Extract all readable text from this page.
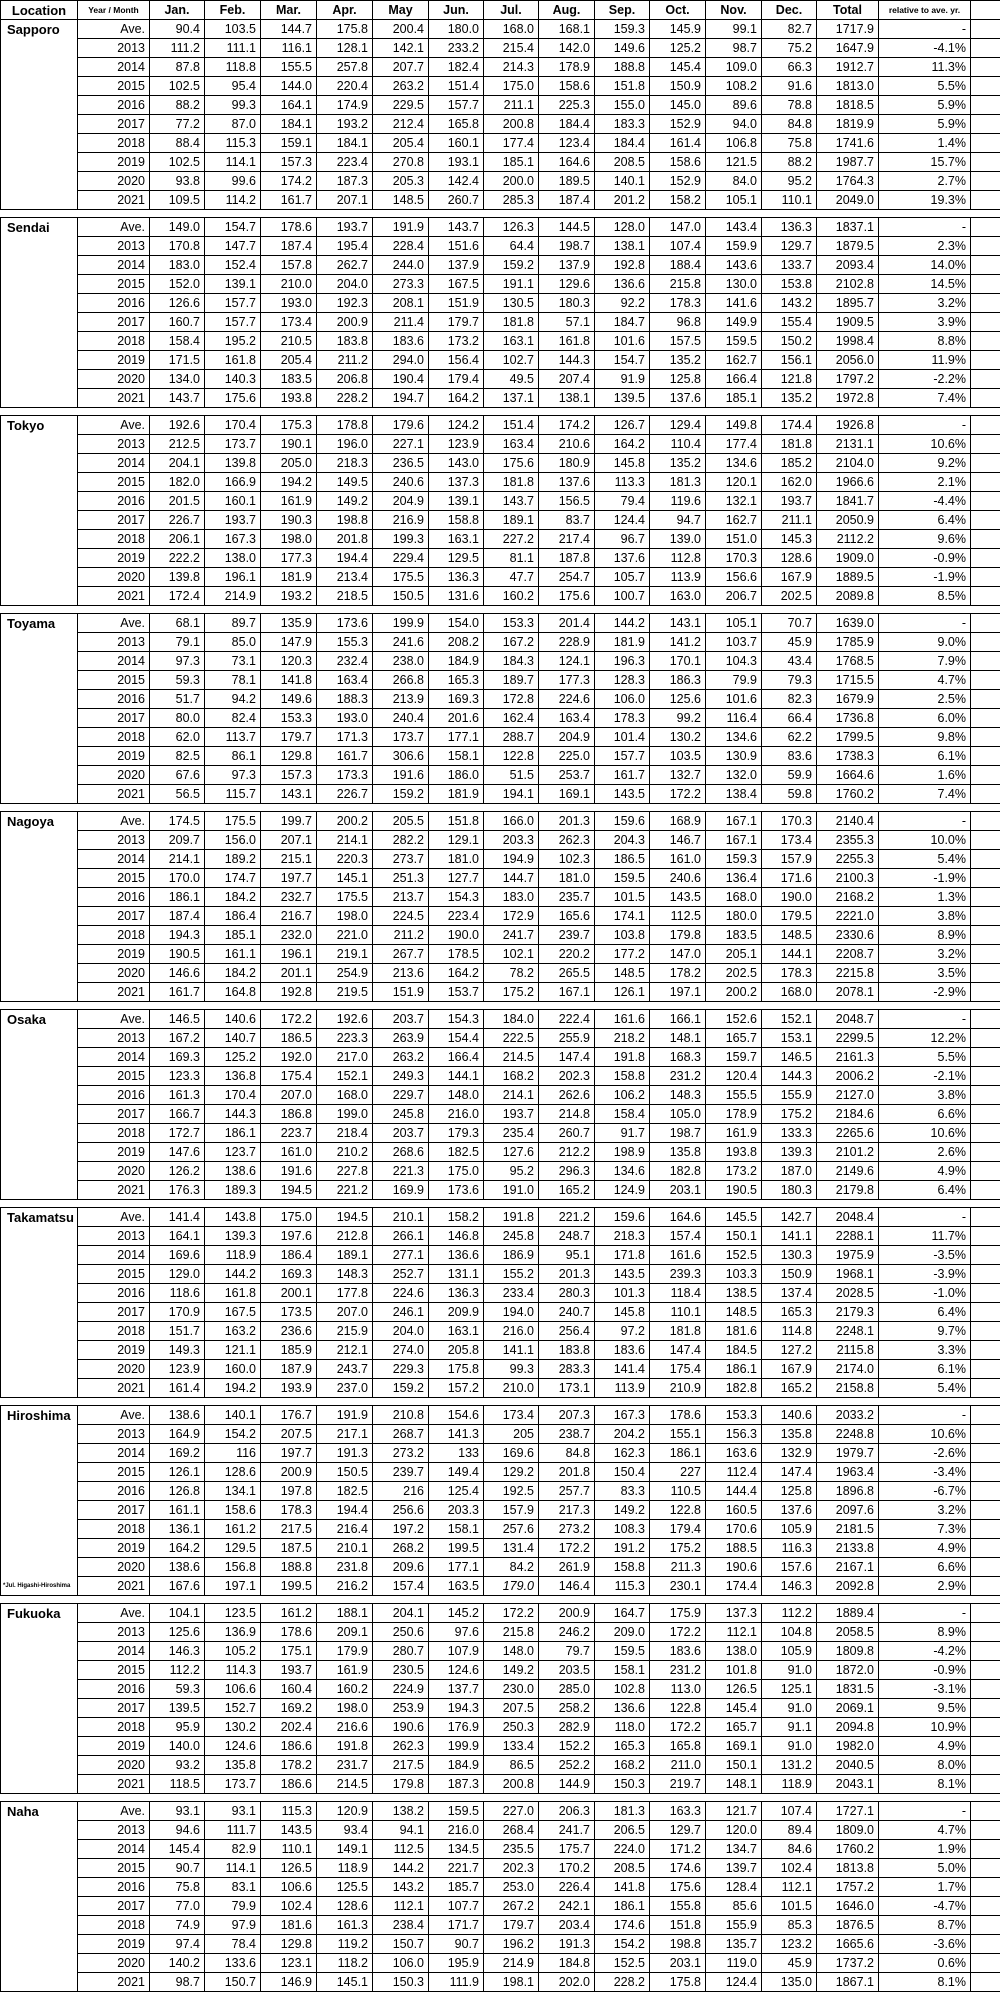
Location	Year / Month	Jan.	Feb.	Mar.	Apr.	May	Jun.	Jul.	Aug.	Sep.	Oct.	Nov.	Dec.	Total	relative to ave. yr.	
Sapporo	Ave.	90.4	103.5	144.7	175.8	200.4	180.0	168.0	168.1	159.3	145.9	99.1	82.7	1717.9	-	
	2013	111.2	111.1	116.1	128.1	142.1	233.2	215.4	142.0	149.6	125.2	98.7	75.2	1647.9	-4.1%	
	2014	87.8	118.8	155.5	257.8	207.7	182.4	214.3	178.9	188.8	145.4	109.0	66.3	1912.7	11.3%	
	2015	102.5	95.4	144.0	220.4	263.2	151.4	175.0	158.6	151.8	150.9	108.2	91.6	1813.0	5.5%	
	2016	88.2	99.3	164.1	174.9	229.5	157.7	211.1	225.3	155.0	145.0	89.6	78.8	1818.5	5.9%	
	2017	77.2	87.0	184.1	193.2	212.4	165.8	200.8	184.4	183.3	152.9	94.0	84.8	1819.9	5.9%	
	2018	88.4	115.3	159.1	184.1	205.4	160.1	177.4	123.4	184.4	161.4	106.8	75.8	1741.6	1.4%	
	2019	102.5	114.1	157.3	223.4	270.8	193.1	185.1	164.6	208.5	158.6	121.5	88.2	1987.7	15.7%	
	2020	93.8	99.6	174.2	187.3	205.3	142.4	200.0	189.5	140.1	152.9	84.0	95.2	1764.3	2.7%	
	2021	109.5	114.2	161.7	207.1	148.5	260.7	285.3	187.4	201.2	158.2	105.1	110.1	2049.0	19.3%	

Sendai	Ave.	149.0	154.7	178.6	193.7	191.9	143.7	126.3	144.5	128.0	147.0	143.4	136.3	1837.1	-	
	2013	170.8	147.7	187.4	195.4	228.4	151.6	64.4	198.7	138.1	107.4	159.9	129.7	1879.5	2.3%	
	2014	183.0	152.4	157.8	262.7	244.0	137.9	159.2	137.9	192.8	188.4	143.6	133.7	2093.4	14.0%	
	2015	152.0	139.1	210.0	204.0	273.3	167.5	191.1	129.6	136.6	215.8	130.0	153.8	2102.8	14.5%	
	2016	126.6	157.7	193.0	192.3	208.1	151.9	130.5	180.3	92.2	178.3	141.6	143.2	1895.7	3.2%	
	2017	160.7	157.7	173.4	200.9	211.4	179.7	181.8	57.1	184.7	96.8	149.9	155.4	1909.5	3.9%	
	2018	158.4	195.2	210.5	183.8	183.6	173.2	163.1	161.8	101.6	157.5	159.5	150.2	1998.4	8.8%	
	2019	171.5	161.8	205.4	211.2	294.0	156.4	102.7	144.3	154.7	135.2	162.7	156.1	2056.0	11.9%	
	2020	134.0	140.3	183.5	206.8	190.4	179.4	49.5	207.4	91.9	125.8	166.4	121.8	1797.2	-2.2%	
	2021	143.7	175.6	193.8	228.2	194.7	164.2	137.1	138.1	139.5	137.6	185.1	135.2	1972.8	7.4%	

Tokyo	Ave.	192.6	170.4	175.3	178.8	179.6	124.2	151.4	174.2	126.7	129.4	149.8	174.4	1926.8	-	
	2013	212.5	173.7	190.1	196.0	227.1	123.9	163.4	210.6	164.2	110.4	177.4	181.8	2131.1	10.6%	
	2014	204.1	139.8	205.0	218.3	236.5	143.0	175.6	180.9	145.8	135.2	134.6	185.2	2104.0	9.2%	
	2015	182.0	166.9	194.2	149.5	240.6	137.3	181.8	137.6	113.3	181.3	120.1	162.0	1966.6	2.1%	
	2016	201.5	160.1	161.9	149.2	204.9	139.1	143.7	156.5	79.4	119.6	132.1	193.7	1841.7	-4.4%	
	2017	226.7	193.7	190.3	198.8	216.9	158.8	189.1	83.7	124.4	94.7	162.7	211.1	2050.9	6.4%	
	2018	206.1	167.3	198.0	201.8	199.3	163.1	227.2	217.4	96.7	139.0	151.0	145.3	2112.2	9.6%	
	2019	222.2	138.0	177.3	194.4	229.4	129.5	81.1	187.8	137.6	112.8	170.3	128.6	1909.0	-0.9%	
	2020	139.8	196.1	181.9	213.4	175.5	136.3	47.7	254.7	105.7	113.9	156.6	167.9	1889.5	-1.9%	
	2021	172.4	214.9	193.2	218.5	150.5	131.6	160.2	175.6	100.7	163.0	206.7	202.5	2089.8	8.5%	

Toyama	Ave.	68.1	89.7	135.9	173.6	199.9	154.0	153.3	201.4	144.2	143.1	105.1	70.7	1639.0	-	
	2013	79.1	85.0	147.9	155.3	241.6	208.2	167.2	228.9	181.9	141.2	103.7	45.9	1785.9	9.0%	
	2014	97.3	73.1	120.3	232.4	238.0	184.9	184.3	124.1	196.3	170.1	104.3	43.4	1768.5	7.9%	
	2015	59.3	78.1	141.8	163.4	266.8	165.3	189.7	177.3	128.3	186.3	79.9	79.3	1715.5	4.7%	
	2016	51.7	94.2	149.6	188.3	213.9	169.3	172.8	224.6	106.0	125.6	101.6	82.3	1679.9	2.5%	
	2017	80.0	82.4	153.3	193.0	240.4	201.6	162.4	163.4	178.3	99.2	116.4	66.4	1736.8	6.0%	
	2018	62.0	113.7	179.7	171.3	173.7	177.1	288.7	204.9	101.4	130.2	134.6	62.2	1799.5	9.8%	
	2019	82.5	86.1	129.8	161.7	306.6	158.1	122.8	225.0	157.7	103.5	130.9	83.6	1738.3	6.1%	
	2020	67.6	97.3	157.3	173.3	191.6	186.0	51.5	253.7	161.7	132.7	132.0	59.9	1664.6	1.6%	
	2021	56.5	115.7	143.1	226.7	159.2	181.9	194.1	169.1	143.5	172.2	138.4	59.8	1760.2	7.4%	

Nagoya	Ave.	174.5	175.5	199.7	200.2	205.5	151.8	166.0	201.3	159.6	168.9	167.1	170.3	2140.4	-	
	2013	209.7	156.0	207.1	214.1	282.2	129.1	203.3	262.3	204.3	146.7	167.1	173.4	2355.3	10.0%	
	2014	214.1	189.2	215.1	220.3	273.7	181.0	194.9	102.3	186.5	161.0	159.3	157.9	2255.3	5.4%	
	2015	170.0	174.7	197.7	145.1	251.3	127.7	144.7	181.0	159.5	240.6	136.4	171.6	2100.3	-1.9%	
	2016	186.1	184.2	232.7	175.5	213.7	154.3	183.0	235.7	101.5	143.5	168.0	190.0	2168.2	1.3%	
	2017	187.4	186.4	216.7	198.0	224.5	223.4	172.9	165.6	174.1	112.5	180.0	179.5	2221.0	3.8%	
	2018	194.3	185.1	232.0	221.0	211.2	190.0	241.7	239.7	103.8	179.8	183.5	148.5	2330.6	8.9%	
	2019	190.5	161.1	196.1	219.1	267.7	178.5	102.1	220.2	177.2	147.0	205.1	144.1	2208.7	3.2%	
	2020	146.6	184.2	201.1	254.9	213.6	164.2	78.2	265.5	148.5	178.2	202.5	178.3	2215.8	3.5%	
	2021	161.7	164.8	192.8	219.5	151.9	153.7	175.2	167.1	126.1	197.1	200.2	168.0	2078.1	-2.9%	

Osaka	Ave.	146.5	140.6	172.2	192.6	203.7	154.3	184.0	222.4	161.6	166.1	152.6	152.1	2048.7	-	
	2013	167.2	140.7	186.5	223.3	263.9	154.4	222.5	255.9	218.2	148.1	165.7	153.1	2299.5	12.2%	
	2014	169.3	125.2	192.0	217.0	263.2	166.4	214.5	147.4	191.8	168.3	159.7	146.5	2161.3	5.5%	
	2015	123.3	136.8	175.4	152.1	249.3	144.1	168.2	202.3	158.8	231.2	120.4	144.3	2006.2	-2.1%	
	2016	161.3	170.4	207.0	168.0	229.7	148.0	214.1	262.6	106.2	148.3	155.5	155.9	2127.0	3.8%	
	2017	166.7	144.3	186.8	199.0	245.8	216.0	193.7	214.8	158.4	105.0	178.9	175.2	2184.6	6.6%	
	2018	172.7	186.1	223.7	218.4	203.7	179.3	235.4	260.7	91.7	198.7	161.9	133.3	2265.6	10.6%	
	2019	147.6	123.7	161.0	210.2	268.6	182.5	127.6	212.2	198.9	135.8	193.8	139.3	2101.2	2.6%	
	2020	126.2	138.6	191.6	227.8	221.3	175.0	95.2	296.3	134.6	182.8	173.2	187.0	2149.6	4.9%	
	2021	176.3	189.3	194.5	221.2	169.9	173.6	191.0	165.2	124.9	203.1	190.5	180.3	2179.8	6.4%	

Takamatsu	Ave.	141.4	143.8	175.0	194.5	210.1	158.2	191.8	221.2	159.6	164.6	145.5	142.7	2048.4	-	
	2013	164.1	139.3	197.6	212.8	266.1	146.8	245.8	248.7	218.3	157.4	150.1	141.1	2288.1	11.7%	
	2014	169.6	118.9	186.4	189.1	277.1	136.6	186.9	95.1	171.8	161.6	152.5	130.3	1975.9	-3.5%	
	2015	129.0	144.2	169.3	148.3	252.7	131.1	155.2	201.3	143.5	239.3	103.3	150.9	1968.1	-3.9%	
	2016	118.6	161.8	200.1	177.8	224.6	136.3	233.4	280.3	101.3	118.4	138.5	137.4	2028.5	-1.0%	
	2017	170.9	167.5	173.5	207.0	246.1	209.9	194.0	240.7	145.8	110.1	148.5	165.3	2179.3	6.4%	
	2018	151.7	163.2	236.6	215.9	204.0	163.1	216.0	256.4	97.2	181.8	181.6	114.8	2248.1	9.7%	
	2019	149.3	121.1	185.9	212.1	274.0	205.8	141.1	183.8	183.6	147.4	184.5	127.2	2115.8	3.3%	
	2020	123.9	160.0	187.9	243.7	229.3	175.8	99.3	283.3	141.4	175.4	186.1	167.9	2174.0	6.1%	
	2021	161.4	194.2	193.9	237.0	159.2	157.2	210.0	173.1	113.9	210.9	182.8	165.2	2158.8	5.4%	

Hiroshima	Ave.	138.6	140.1	176.7	191.9	210.8	154.6	173.4	207.3	167.3	178.6	153.3	140.6	2033.2	-	
	2013	164.9	154.2	207.5	217.1	268.7	141.3	205	238.7	204.2	155.1	156.3	135.8	2248.8	10.6%	
	2014	169.2	116	197.7	191.3	273.2	133	169.6	84.8	162.3	186.1	163.6	132.9	1979.7	-2.6%	
	2015	126.1	128.6	200.9	150.5	239.7	149.4	129.2	201.8	150.4	227	112.4	147.4	1963.4	-3.4%	
	2016	126.8	134.1	197.8	182.5	216	125.4	192.5	257.7	83.3	110.5	144.4	125.8	1896.8	-6.7%	
	2017	161.1	158.6	178.3	194.4	256.6	203.3	157.9	217.3	149.2	122.8	160.5	137.6	2097.6	3.2%	
	2018	136.1	161.2	217.5	216.4	197.2	158.1	257.6	273.2	108.3	179.4	170.6	105.9	2181.5	7.3%	
	2019	164.2	129.5	187.5	210.1	268.2	199.5	131.4	172.2	191.2	175.2	188.5	116.3	2133.8	4.9%	
	2020	138.6	156.8	188.8	231.8	209.6	177.1	84.2	261.9	158.8	211.3	190.6	157.6	2167.1	6.6%	
*Jul. Higashi-Hiroshima	2021	167.6	197.1	199.5	216.2	157.4	163.5	179.0	146.4	115.3	230.1	174.4	146.3	2092.8	2.9%	

Fukuoka	Ave.	104.1	123.5	161.2	188.1	204.1	145.2	172.2	200.9	164.7	175.9	137.3	112.2	1889.4	-	
	2013	125.6	136.9	178.6	209.1	250.6	97.6	215.8	246.2	209.0	172.2	112.1	104.8	2058.5	8.9%	
	2014	146.3	105.2	175.1	179.9	280.7	107.9	148.0	79.7	159.5	183.6	138.0	105.9	1809.8	-4.2%	
	2015	112.2	114.3	193.7	161.9	230.5	124.6	149.2	203.5	158.1	231.2	101.8	91.0	1872.0	-0.9%	
	2016	59.3	106.6	160.4	160.2	224.9	137.7	230.0	285.0	102.8	113.0	126.5	125.1	1831.5	-3.1%	
	2017	139.5	152.7	169.2	198.0	253.9	194.3	207.5	258.2	136.6	122.8	145.4	91.0	2069.1	9.5%	
	2018	95.9	130.2	202.4	216.6	190.6	176.9	250.3	282.9	118.0	172.2	165.7	91.1	2094.8	10.9%	
	2019	140.0	124.6	186.6	191.8	262.3	199.9	133.4	152.2	165.3	165.8	169.1	91.0	1982.0	4.9%	
	2020	93.2	135.8	178.2	231.7	217.5	184.9	86.5	252.2	168.2	211.0	150.1	131.2	2040.5	8.0%	
	2021	118.5	173.7	186.6	214.5	179.8	187.3	200.8	144.9	150.3	219.7	148.1	118.9	2043.1	8.1%	

Naha	Ave.	93.1	93.1	115.3	120.9	138.2	159.5	227.0	206.3	181.3	163.3	121.7	107.4	1727.1	-	
	2013	94.6	111.7	143.5	93.4	94.1	216.0	268.4	241.7	206.5	129.7	120.0	89.4	1809.0	4.7%	
	2014	145.4	82.9	110.1	149.1	112.5	134.5	235.5	175.7	224.0	171.2	134.7	84.6	1760.2	1.9%	
	2015	90.7	114.1	126.5	118.9	144.2	221.7	202.3	170.2	208.5	174.6	139.7	102.4	1813.8	5.0%	
	2016	75.8	83.1	106.6	125.5	143.2	185.7	253.0	226.4	141.8	175.6	128.4	112.1	1757.2	1.7%	
	2017	77.0	79.9	102.4	128.6	112.1	107.7	267.2	242.1	186.1	155.8	85.6	101.5	1646.0	-4.7%	
	2018	74.9	97.9	181.6	161.3	238.4	171.7	179.7	203.4	174.6	151.8	155.9	85.3	1876.5	8.7%	
	2019	97.4	78.4	129.8	119.2	150.7	90.7	196.2	191.3	154.2	198.8	135.7	123.2	1665.6	-3.6%	
	2020	140.2	133.6	123.1	118.2	106.0	195.9	214.9	184.8	152.5	203.1	119.0	45.9	1737.2	0.6%	
	2021	98.7	150.7	146.9	145.1	150.3	111.9	198.1	202.0	228.2	175.8	124.4	135.0	1867.1	8.1%	
